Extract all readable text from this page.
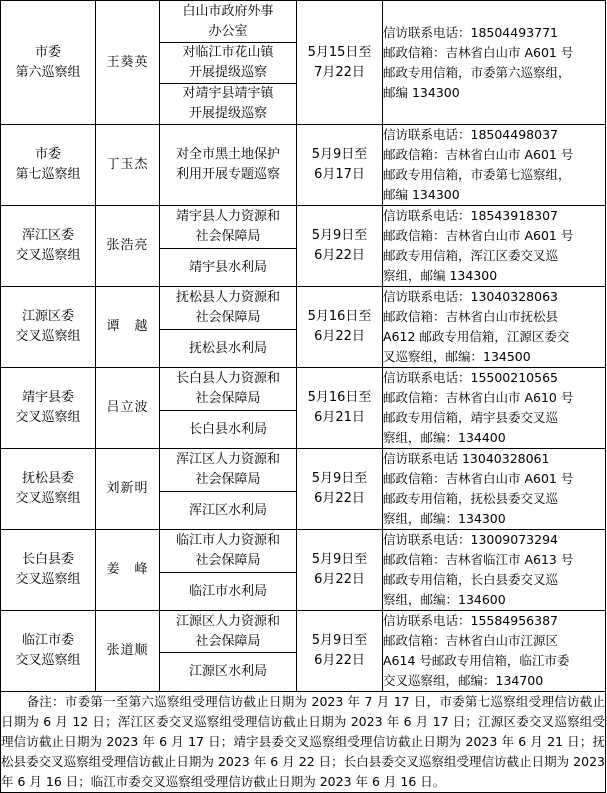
市委
第六巡察组	王葵英	白山市政府外事
办公室	5月15日至
7月22日	信访联系电话：18504493771
邮政信箱：吉林省白山市 A601 号
邮政专用信箱，市委第六巡察组，
邮编 134300

		对临江市花山镇
开展提级巡察		

		对靖宇县靖宇镇
开展提级巡察		

市委
第七巡察组	丁玉杰	对全市黑土地保护
利用开展专题巡察	5月9日至
6月17日	信访联系电话：18504498037
邮政信箱：吉林省白山市 A601 号
邮政专用信箱，市委第七巡察组，
邮编 134300

浑江区委
交叉巡察组	张浩亮	靖宇县人力资源和
社会保障局	5月9日至
6月22日	信访联系电话：18543918307
邮政信箱：吉林省白山市 A601 号
邮政专用信箱，浑江区委交叉巡
察组，邮编 134300

		靖宇县水利局		

江源区委
交叉巡察组	谭　越	抚松县人力资源和
社会保障局	5月16日至
6月22日	信访联系电话：13040328063
邮政信箱：吉林省白山市抚松县
A612 邮政专用信箱，江源区委交
叉巡察组，邮编：134500

		抚松县水利局		

靖宇县委
交叉巡察组	吕立波	长白县人力资源和
社会保障局	5月16日至
6月21日	信访联系电话：15500210565
邮政信箱：吉林省白山市 A610 号
邮政专用信箱，靖宇县委交叉巡
察组，邮编：134400

		长白县水利局		

抚松县委
交叉巡察组	刘新明	浑江区人力资源和
社会保障局	5月9日至
6月22日	信访联系电话 13040328061
邮政信箱：吉林省白山市 A601 号
邮政专用信箱，抚松县委交叉巡
察组，邮编：134300

		浑江区水利局		

长白县委
交叉巡察组	姜　峰	临江市人力资源和
社会保障局	5月9日至
6月22日	信访联系电话：13009073294
邮政信箱：吉林省临江市 A613 号
邮政专用信箱，长白县委交叉巡
察组，邮编：134600

		临江市水利局		

临江市委
交叉巡察组	张道顺	江源区人力资源和
社会保障局	5月9日至
6月22日	信访联系电话：15584956387
邮政信箱：吉林省白山市江源区
A614 号邮政专用信箱，临江市委
交叉巡察组，邮编：134700

		江源区水利局		

　　备注：市委第一至第六巡察组受理信访截止日期为 2023 年 7 月 17 日，市委第七巡察组受理信访截止日期为 6 月 12 日；浑江区委交叉巡察组受理信访截止日期为 2023 年 6 月 17 日；江源区委交叉巡察组受理信访截止日期为 2023 年 6 月 17 日；靖宇县委交叉巡察组受理信访截止日期为 2023 年 6 月 21 日；抚松县委交叉巡察组受理信访截止日期为 2023 年 6 月 22 日；长白县委交叉巡察组受理信访截止日期为 2023 年 6 月 16 日；临江市委交叉巡察组受理信访截止日期为 2023 年 6 月 16 日。				
